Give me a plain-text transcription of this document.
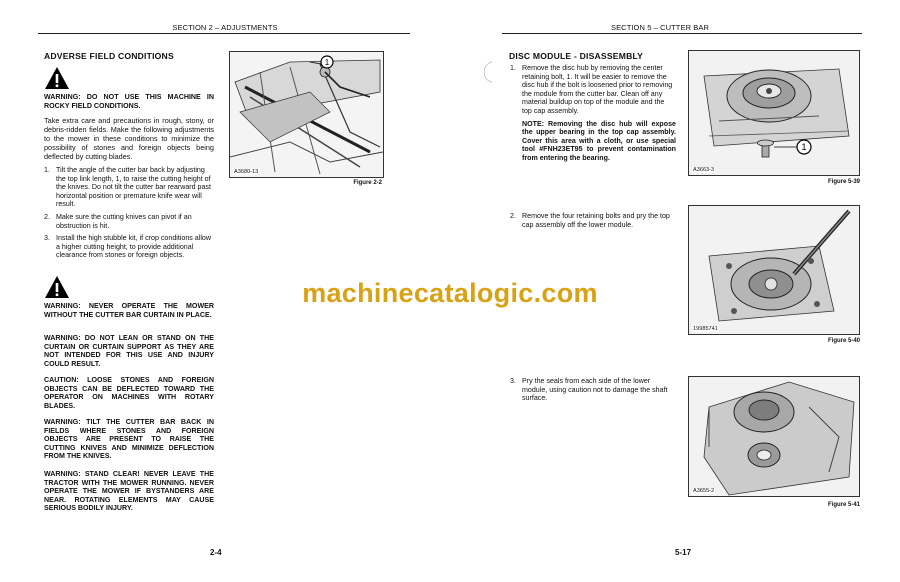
SECTION 2 – ADJUSTMENTS
ADVERSE FIELD CONDITIONS
WARNING: DO NOT USE THIS MACHINE IN ROCKY FIELD CONDITIONS.

Take extra care and precautions in rough, stony, or debris-ridden fields. Make the following adjustments to the mower in these conditions to minimize the possibility of stones and foreign objects being deflected by cutting blades.

1. Tilt the angle of the cutter bar back by adjusting the top link length, 1, to raise the cutting height of the knives. Do not tilt the cutter bar rearward past horizontal position or premature knife wear will result.
2. Make sure the cutting knives can pivot if an obstruction is hit.
3. Install the high stubble kit, if crop conditions allow a higher cutting height, to provide additional clearance from stones or foreign objects.
WARNING: NEVER OPERATE THE MOWER WITHOUT THE CUTTER BAR CURTAIN IN PLACE.
WARNING: DO NOT LEAN OR STAND ON THE CURTAIN OR CURTAIN SUPPORT AS THEY ARE NOT INTENDED FOR THIS USE AND INJURY COULD RESULT.
CAUTION: LOOSE STONES AND FOREIGN OBJECTS CAN BE DEFLECTED TOWARD THE OPERATOR ON MACHINES WITH ROTARY BLADES.
WARNING: TILT THE CUTTER BAR BACK IN FIELDS WHERE STONES AND FOREIGN OBJECTS ARE PRESENT TO RAISE THE CUTTING KNIVES AND MINIMIZE DEFLECTION FROM THE KNIVES.
WARNING: STAND CLEAR! NEVER LEAVE THE TRACTOR WITH THE MOWER RUNNING. NEVER OPERATE THE MOWER IF BYSTANDERS ARE NEAR. ROTATING ELEMENTS MAY CAUSE SERIOUS BODILY INJURY.
1
A3680-13
Figure 2-2
2-4
SECTION 5 – CUTTER BAR
DISC MODULE - DISASSEMBLY
1. Remove the disc hub by removing the center retaining bolt, 1. It will be easier to remove the disc hub if the bolt is loosened prior to removing the module from the cutter bar. Clean off any material buildup on top of the module and the top cap assembly.
NOTE: Removing the disc hub will expose the upper bearing in the top cap assembly. Cover this area with a cloth, or use special tool #FNH23ET95 to prevent contamination from entering the bearing.
2. Remove the four retaining bolts and pry the top cap assembly off the lower module.
3. Pry the seals from each side of the lower module, using caution not to damage the shaft surface.
1
A3663-3
Figure 5-39
19985741
Figure 5-40
A3655-2
Figure 5-41
5-17
machinecatalogic.com
